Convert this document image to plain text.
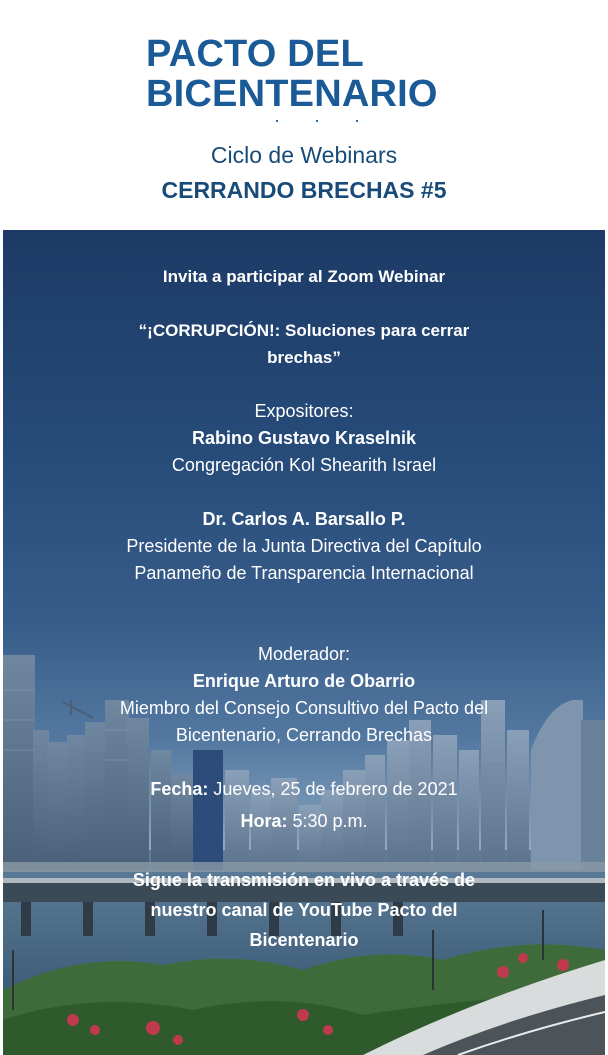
PACTO DEL
BICENTENARIO
Ciclo de Webinars
CERRANDO BRECHAS #5
Invita a participar al Zoom Webinar
“¡CORRUPCIÓN!: Soluciones para cerrar
brechas”
Expositores:
Rabino Gustavo Kraselnik
Congregación Kol Shearith Israel
Dr. Carlos A. Barsallo P.
Presidente de la Junta Directiva del Capítulo
Panameño de Transparencia Internacional
Moderador:
Enrique Arturo de Obarrio
Miembro del Consejo Consultivo del Pacto del
Bicentenario, Cerrando Brechas
Fecha: Jueves, 25 de febrero de 2021
Hora: 5:30 p.m.
Sigue la transmisión en vivo a través de
nuestro canal de YouTube Pacto del
Bicentenario
